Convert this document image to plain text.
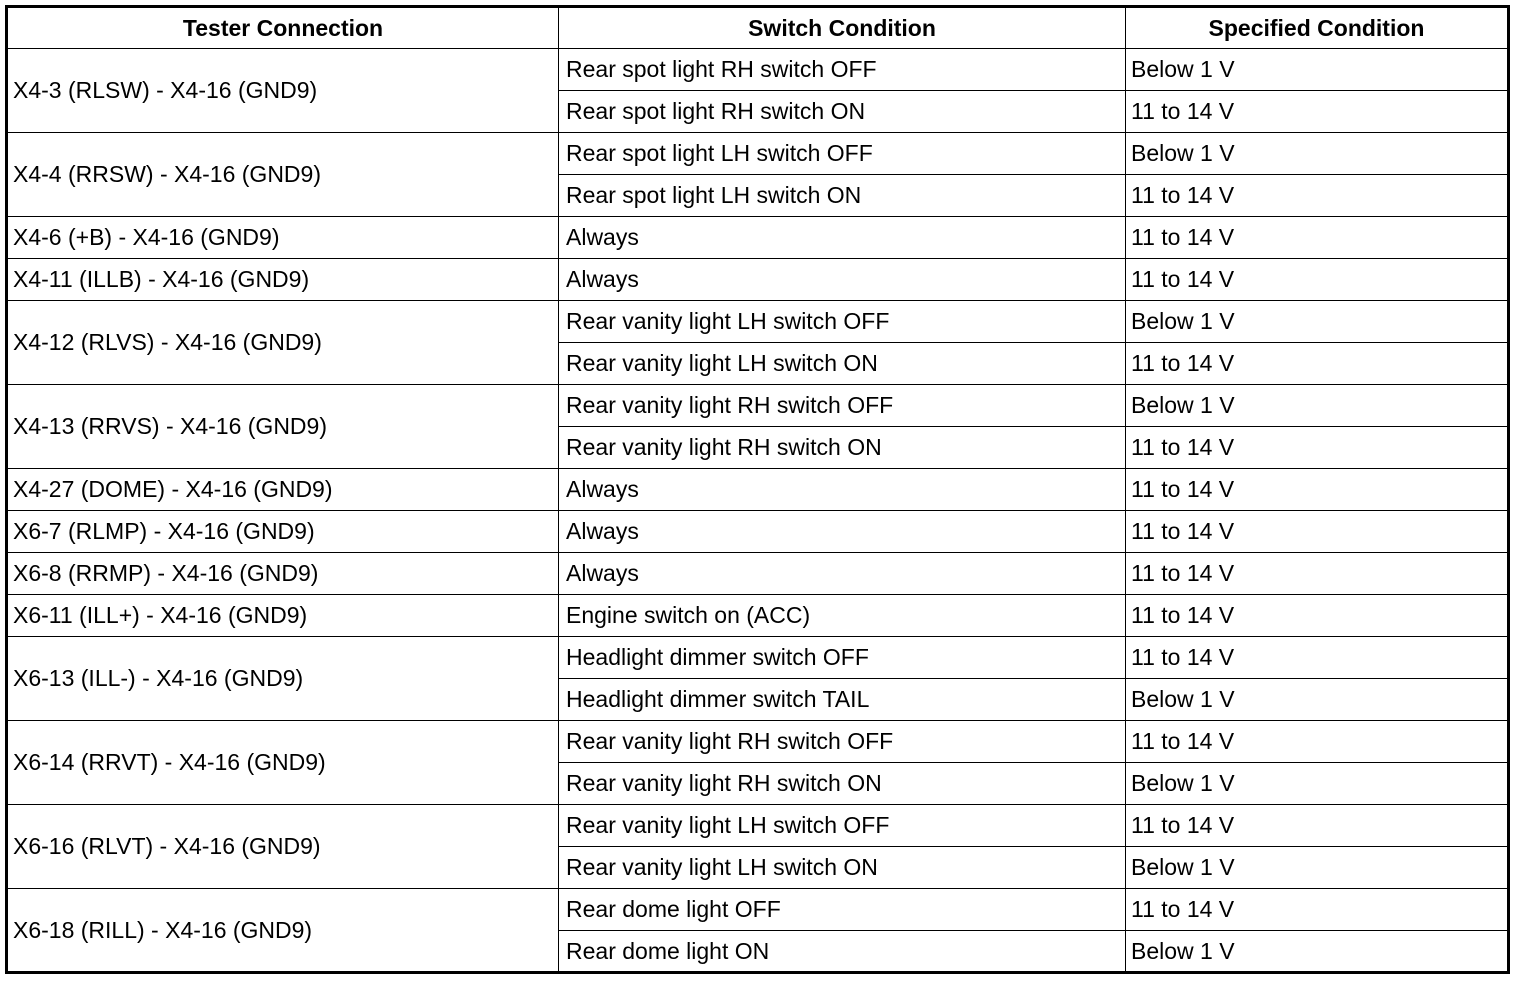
Tester Connection	Switch Condition	Specified Condition
X4-3 (RLSW) - X4-16 (GND9)	Rear spot light RH switch OFF	Below 1 V
	Rear spot light RH switch ON	11 to 14 V
X4-4 (RRSW) - X4-16 (GND9)	Rear spot light LH switch OFF	Below 1 V
	Rear spot light LH switch ON	11 to 14 V
X4-6 (+B) - X4-16 (GND9)	Always	11 to 14 V
X4-11 (ILLB) - X4-16 (GND9)	Always	11 to 14 V
X4-12 (RLVS) - X4-16 (GND9)	Rear vanity light LH switch OFF	Below 1 V
	Rear vanity light LH switch ON	11 to 14 V
X4-13 (RRVS) - X4-16 (GND9)	Rear vanity light RH switch OFF	Below 1 V
	Rear vanity light RH switch ON	11 to 14 V
X4-27 (DOME) - X4-16 (GND9)	Always	11 to 14 V
X6-7 (RLMP) - X4-16 (GND9)	Always	11 to 14 V
X6-8 (RRMP) - X4-16 (GND9)	Always	11 to 14 V
X6-11 (ILL+) - X4-16 (GND9)	Engine switch on (ACC)	11 to 14 V
X6-13 (ILL-) - X4-16 (GND9)	Headlight dimmer switch OFF	11 to 14 V
	Headlight dimmer switch TAIL	Below 1 V
X6-14 (RRVT) - X4-16 (GND9)	Rear vanity light RH switch OFF	11 to 14 V
	Rear vanity light RH switch ON	Below 1 V
X6-16 (RLVT) - X4-16 (GND9)	Rear vanity light LH switch OFF	11 to 14 V
	Rear vanity light LH switch ON	Below 1 V
X6-18 (RILL) - X4-16 (GND9)	Rear dome light OFF	11 to 14 V
	Rear dome light ON	Below 1 V
